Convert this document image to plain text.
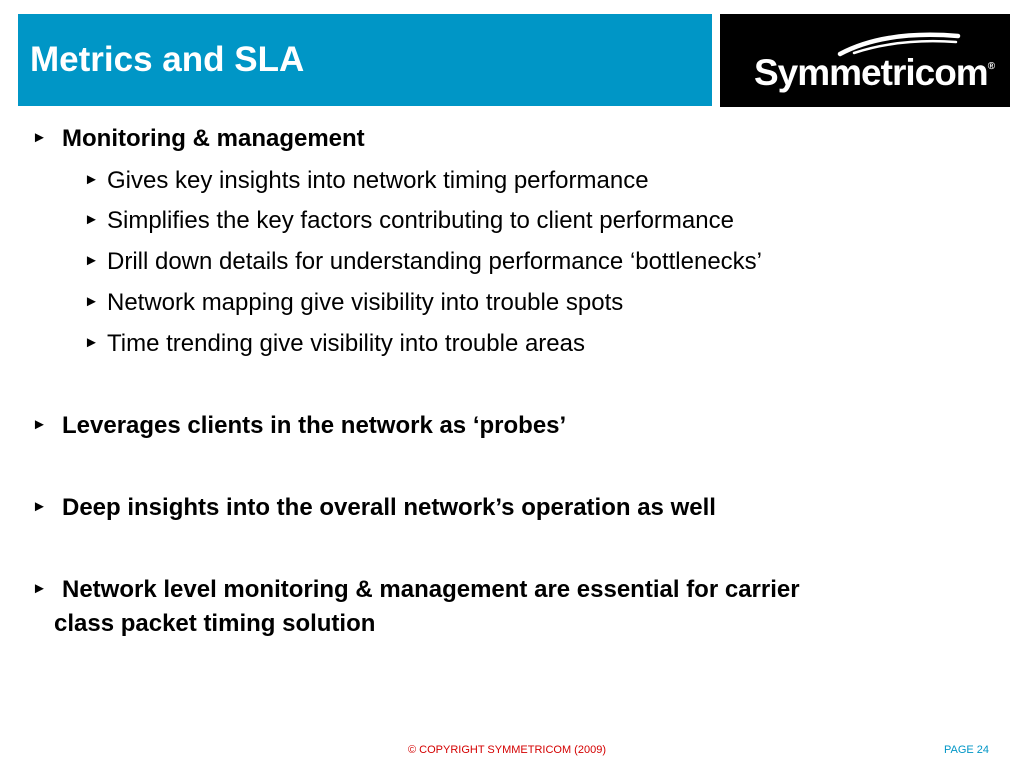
Metrics and SLA	Symmetricom®
► Monitoring & management
► Gives key insights into network timing performance
► Simplifies the key factors contributing to client performance
► Drill down details for understanding performance ‘bottlenecks’
► Network mapping give visibility into trouble spots
► Time trending give visibility into trouble areas
► Leverages clients in the network as ‘probes’
► Deep insights into the overall network’s operation as well
► Network level monitoring & management are essential for carrier
class packet timing solution
© COPYRIGHT SYMMETRICOM (2009)	PAGE 24
